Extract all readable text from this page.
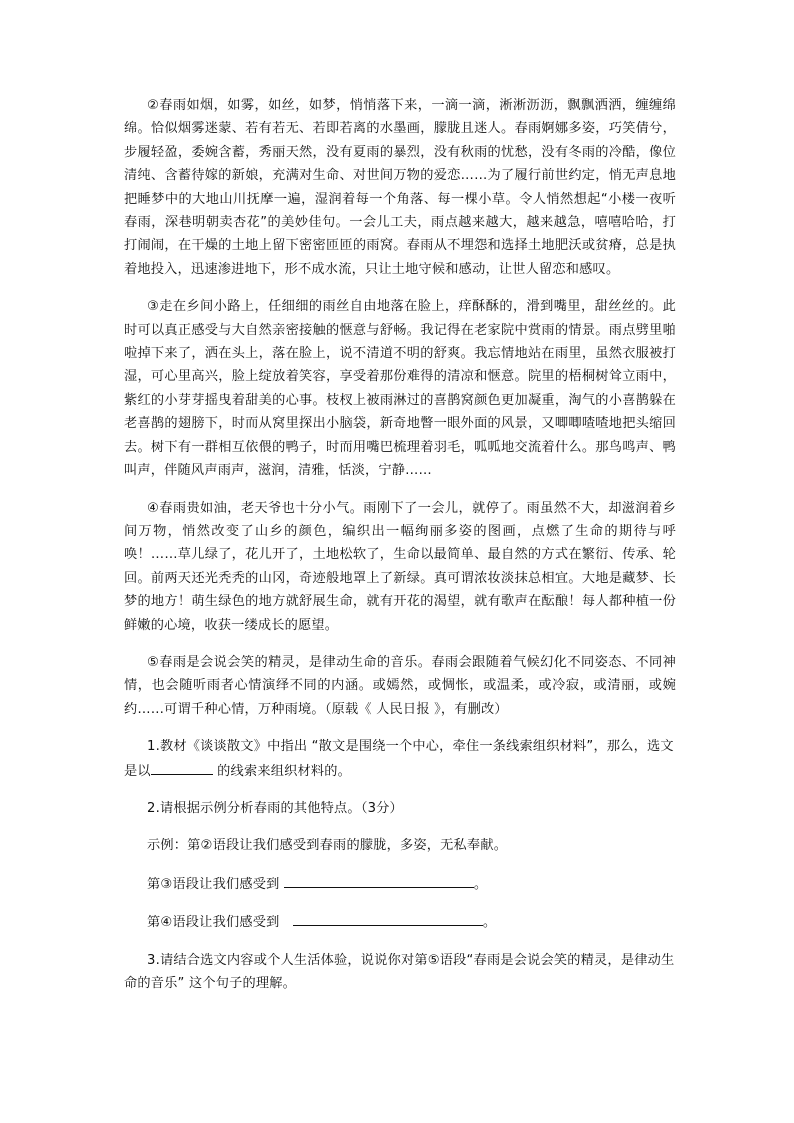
②春雨如烟，如雾，如丝，如梦，悄悄落下来，一滴一滴，淅淅沥沥，飘飘洒洒，缠缠绵绵。恰似烟雾迷蒙、若有若无、若即若离的水墨画，朦胧且迷人。春雨婀娜多姿，巧笑倩兮，步履轻盈，委婉含蓄，秀丽天然，没有夏雨的暴烈，没有秋雨的忧愁，没有冬雨的冷酷，像位清纯、含蓄待嫁的新娘，充满对生命、对世间万物的爱恋……为了履行前世约定，悄无声息地把睡梦中的大地山川抚摩一遍，湿润着每一个角落、每一棵小草。令人悄然想起“小楼一夜听春雨，深巷明朝卖杏花”的美妙佳句。一会儿工夫，雨点越来越大，越来越急，嘻嘻哈哈，打打闹闹，在干燥的土地上留下密密匝匝的雨窝。春雨从不埋怨和选择土地肥沃或贫瘠，总是执着地投入，迅速渗进地下，形不成水流，只让土地守候和感动，让世人留恋和感叹。

③走在乡间小路上，任细细的雨丝自由地落在脸上，痒酥酥的，滑到嘴里，甜丝丝的。此时可以真正感受与大自然亲密接触的惬意与舒畅。我记得在老家院中赏雨的情景。雨点劈里啪啦掉下来了，洒在头上，落在脸上，说不清道不明的舒爽。我忘情地站在雨里，虽然衣服被打湿，可心里高兴，脸上绽放着笑容，享受着那份难得的清凉和惬意。院里的梧桐树耸立雨中，紫红的小芽芽摇曳着甜美的心事。枝杈上被雨淋过的喜鹊窝颜色更加凝重，淘气的小喜鹊躲在老喜鹊的翅膀下，时而从窝里探出小脑袋，新奇地瞥一眼外面的风景，又唧唧喳喳地把头缩回去。树下有一群相互依偎的鸭子，时而用嘴巴梳理着羽毛，呱呱地交流着什么。那鸟鸣声、鸭叫声，伴随风声雨声，滋润，清雅，恬淡，宁静……

④春雨贵如油，老天爷也十分小气。雨刚下了一会儿，就停了。雨虽然不大，却滋润着乡间万物，悄然改变了山乡的颜色，编织出一幅绚丽多姿的图画，点燃了生命的期待与呼唤！……草儿绿了，花儿开了，土地松软了，生命以最简单、最自然的方式在繁衍、传承、轮回。前两天还光秃秃的山冈，奇迹般地罩上了新绿。真可谓浓妆淡抹总相宜。大地是藏梦、长梦的地方！萌生绿色的地方就舒展生命，就有开花的渴望，就有歌声在酝酿！每人都种植一份鲜嫩的心境，收获一缕成长的愿望。

⑤春雨是会说会笑的精灵，是律动生命的音乐。春雨会跟随着气候幻化不同姿态、不同神情，也会随听雨者心情演绎不同的内涵。或嫣然，或惆怅，或温柔，或冷寂，或清丽，或婉约……可谓千种心情，万种雨境。（原载《 人民日报 》，有删改）

1.教材《谈谈散文》中指出 “散文是围绕一个中心，牵住一条线索组织材料”，那么，选文是以	的线索来组织材料的。

2.请根据示例分析春雨的其他特点。（3分）

示例：第②语段让我们感受到春雨的朦胧，多姿，无私奉献。

第③语段让我们感受到	。

第④语段让我们感受到　	。

3.请结合选文内容或个人生活体验，说说你对第⑤语段“春雨是会说会笑的精灵，是律动生命的音乐” 这个句子的理解。
